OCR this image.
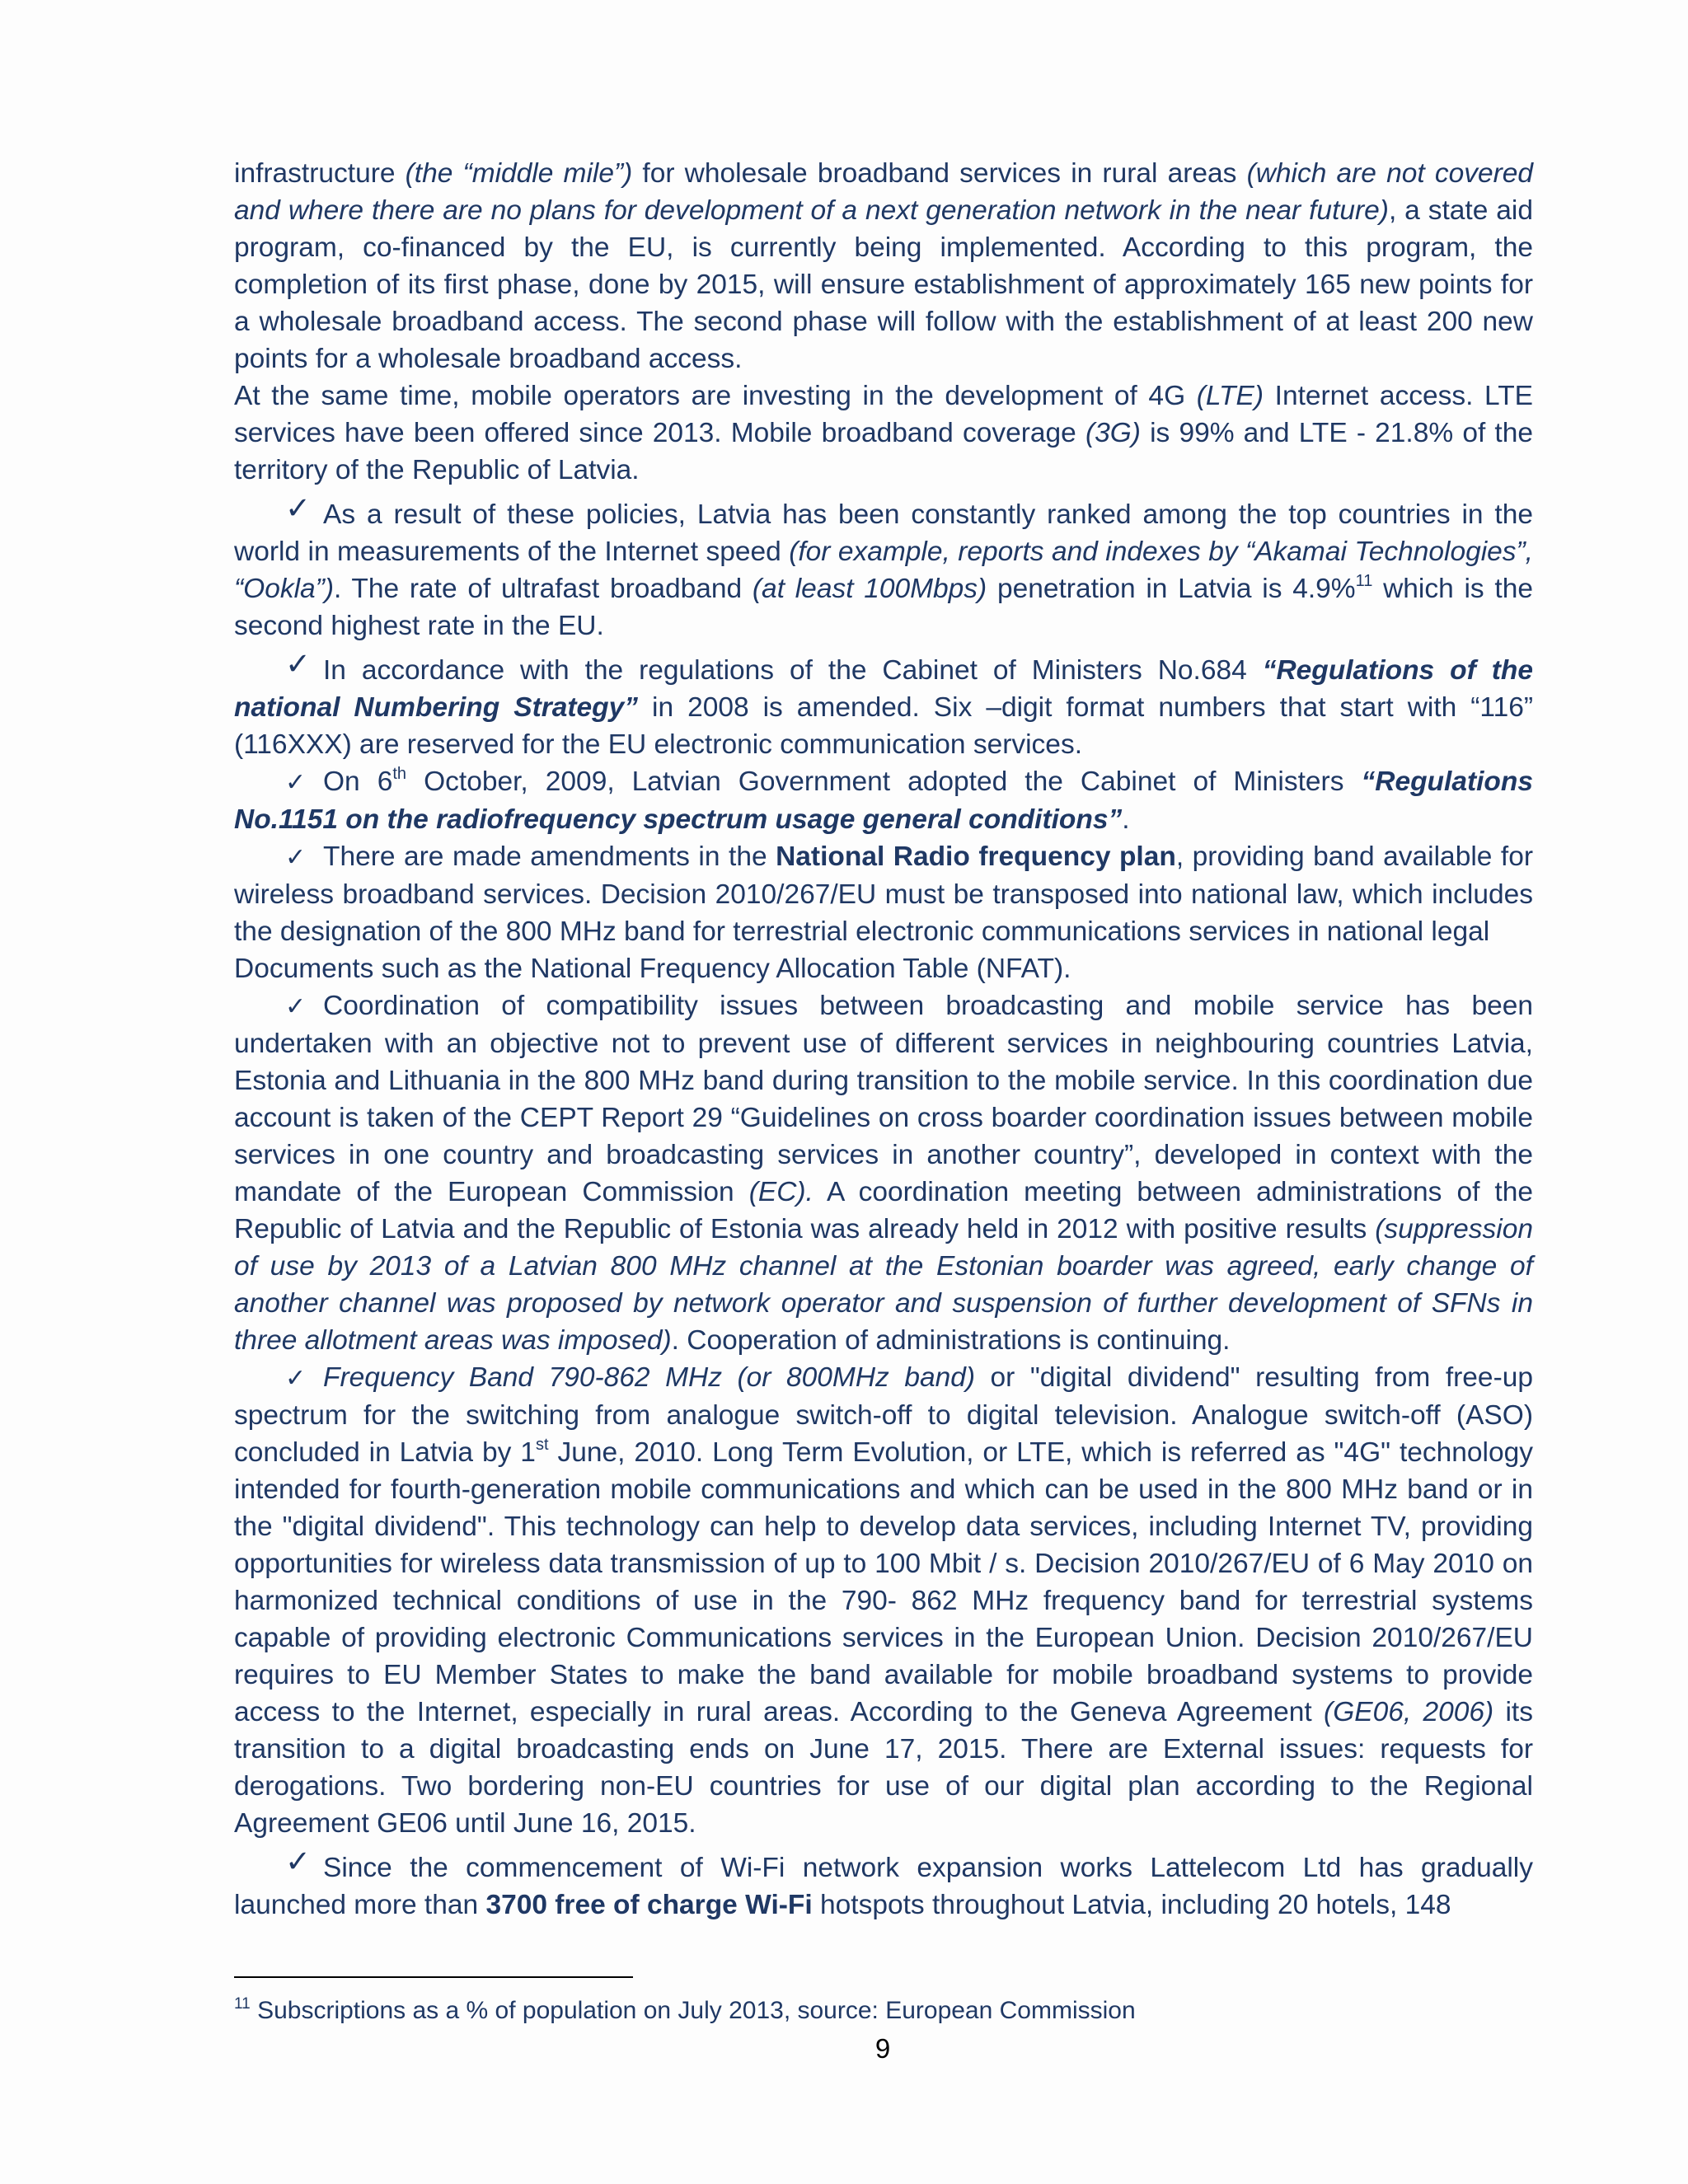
infrastructure (the “middle mile”) for wholesale broadband services in rural areas (which are not covered and where there are no plans for development of a next generation network in the near future), a state aid program, co-financed by the EU, is currently being implemented. According to this program, the completion of its first phase, done by 2015, will ensure establishment of approximately 165 new points for a wholesale broadband access. The second phase will follow with the establishment of at least 200 new points for a wholesale broadband access.

At the same time, mobile operators are investing in the development of 4G (LTE) Internet access. LTE services have been offered since 2013. Mobile broadband coverage (3G) is 99% and LTE - 21.8% of the territory of the Republic of Latvia.

✓ As a result of these policies, Latvia has been constantly ranked among the top countries in the world in measurements of the Internet speed (for example, reports and indexes by “Akamai Technologies”, “Ookla”). The rate of ultrafast broadband (at least 100Mbps) penetration in Latvia is 4.9%$^{11}$ which is the second highest rate in the EU.

✓ In accordance with the regulations of the Cabinet of Ministers No.684 “Regulations of the national Numbering Strategy” in 2008 is amended. Six –digit format numbers that start with “116” (116XXX) are reserved for the EU electronic communication services.

✓ On 6th October, 2009, Latvian Government adopted the Cabinet of Ministers “Regulations No.1151 on the radiofrequency spectrum usage general conditions”.

✓ There are made amendments in the National Radio frequency plan, providing band available for wireless broadband services. Decision 2010/267/EU must be transposed into national law, which includes the designation of the 800 MHz band for terrestrial electronic communications services in national legal

Documents such as the National Frequency Allocation Table (NFAT).

✓ Coordination of compatibility issues between broadcasting and mobile service has been undertaken with an objective not to prevent use of different services in neighbouring countries Latvia, Estonia and Lithuania in the 800 MHz band during transition to the mobile service. In this coordination due account is taken of the CEPT Report 29 “Guidelines on cross boarder coordination issues between mobile services in one country and broadcasting services in another country”, developed in context with the mandate of the European Commission (EC). A coordination meeting between administrations of the Republic of Latvia and the Republic of Estonia was already held in 2012 with positive results (suppression of use by 2013 of a Latvian 800 MHz channel at the Estonian boarder was agreed, early change of another channel was proposed by network operator and suspension of further development of SFNs in three allotment areas was imposed). Cooperation of administrations is continuing.

✓ Frequency Band 790-862 MHz (or 800MHz band) or "digital dividend" resulting from free-up spectrum for the switching from analogue switch-off to digital television. Analogue switch-off (ASO) concluded in Latvia by 1st June, 2010. Long Term Evolution, or LTE, which is referred as "4G" technology intended for fourth-generation mobile communications and which can be used in the 800 MHz band or in the "digital dividend". This technology can help to develop data services, including Internet TV, providing opportunities for wireless data transmission of up to 100 Mbit / s. Decision 2010/267/EU of 6 May 2010 on harmonized technical conditions of use in the 790- 862 MHz frequency band for terrestrial systems capable of providing electronic Communications services in the European Union. Decision 2010/267/EU requires to EU Member States to make the band available for mobile broadband systems to provide access to the Internet, especially in rural areas. According to the Geneva Agreement (GE06, 2006) its transition to a digital broadcasting ends on June 17, 2015. There are External issues: requests for derogations. Two bordering non-EU countries for use of our digital plan according to the Regional Agreement GE06 until June 16, 2015.

✓ Since the commencement of Wi-Fi network expansion works Lattelecom Ltd has gradually launched more than 3700 free of charge Wi-Fi hotspots throughout Latvia, including 20 hotels, 148

$^{11}$ Subscriptions as a % of population on July 2013, source: European Commission
9
